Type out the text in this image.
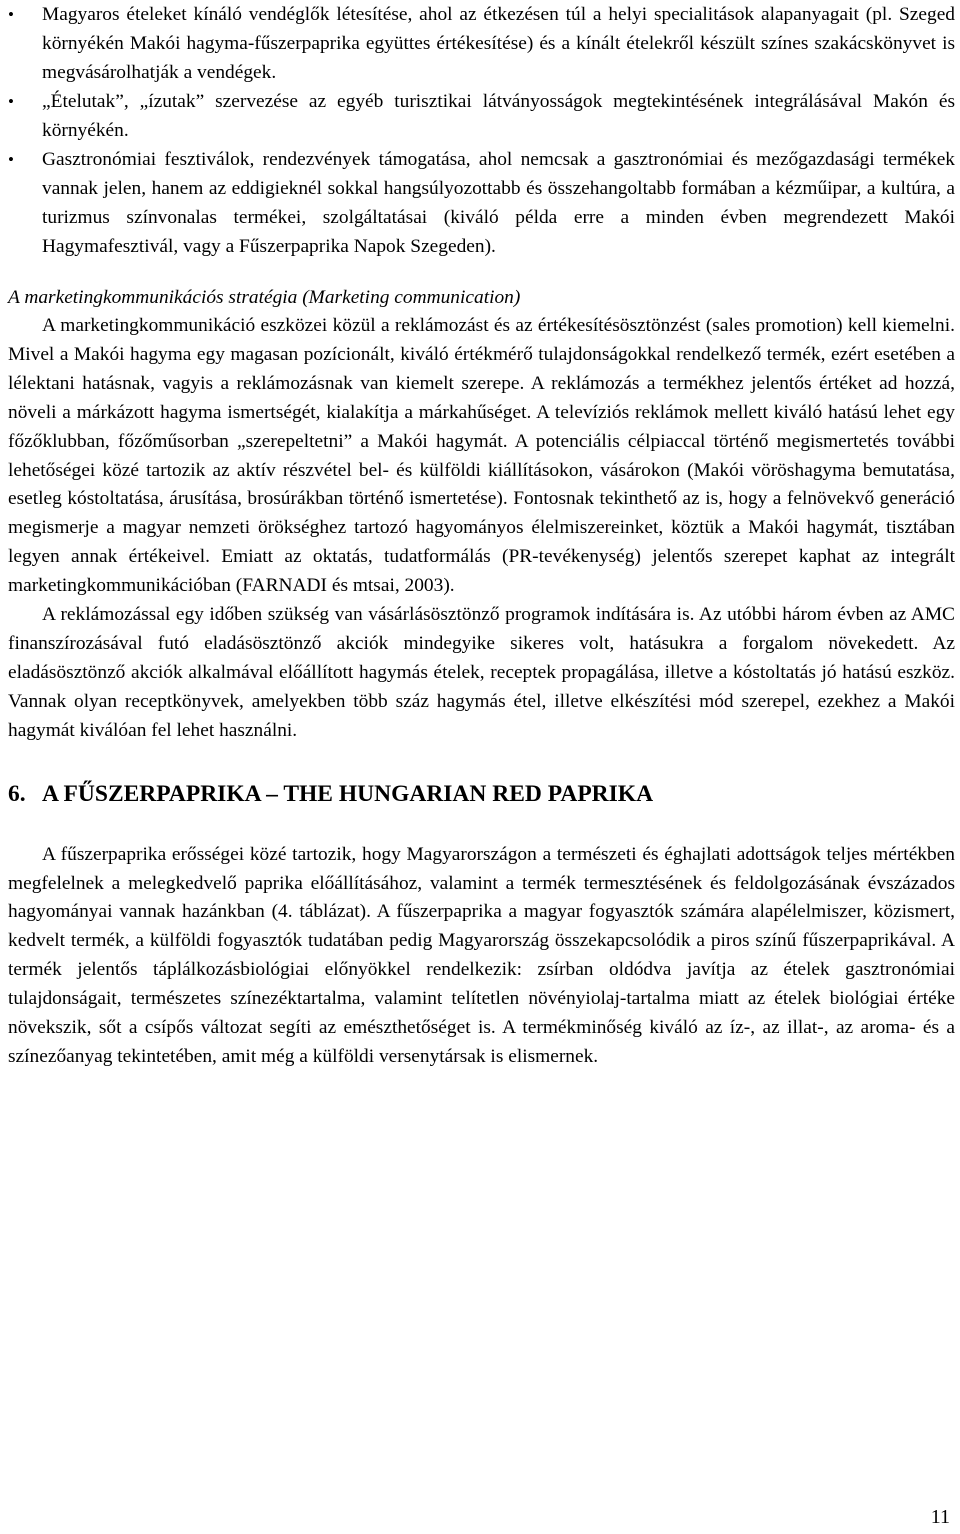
•	Magyaros ételeket kínáló vendéglők létesítése, ahol az étkezésen túl a helyi specialitások alapanyagait (pl. Szeged környékén Makói hagyma-fűszerpaprika együttes értékesítése) és a kínált ételekről készült színes szakácskönyvet is megvásárolhatják a vendégek.
•	„Ételutak”, „ízutak” szervezése az egyéb turisztikai látványosságok megtekintésének integrálásával Makón és környékén.
•	Gasztronómiai fesztiválok, rendezvények támogatása, ahol nemcsak a gasztronómiai és mezőgazdasági termékek vannak jelen, hanem az eddigieknél sokkal hangsúlyozottabb és összehangoltabb formában a kézműipar, a kultúra, a turizmus színvonalas termékei, szolgáltatásai (kiváló példa erre a minden évben megrendezett Makói Hagymafesztivál, vagy a Fűszerpaprika Napok Szegeden).
A marketingkommunikációs stratégia (Marketing communication)

A marketingkommunikáció eszközei közül a reklámozást és az értékesítésösztönzést (sales promotion) kell kiemelni. Mivel a Makói hagyma egy magasan pozícionált, kiváló értékmérő tulajdonságokkal rendelkező termék, ezért esetében a lélektani hatásnak, vagyis a reklámozásnak van kiemelt szerepe. A reklámozás a termékhez jelentős értéket ad hozzá, növeli a márkázott hagyma ismertségét, kialakítja a márkahűséget. A televíziós reklámok mellett kiváló hatású lehet egy főzőklubban, főzőműsorban „szerepeltetni” a Makói hagymát. A potenciális célpiaccal történő megismertetés további lehetőségei közé tartozik az aktív részvétel bel- és külföldi kiállításokon, vásárokon (Makói vöröshagyma bemutatása, esetleg kóstoltatása, árusítása, brosúrákban történő ismertetése). Fontosnak tekinthető az is, hogy a felnövekvő generáció megismerje a magyar nemzeti örökséghez tartozó hagyományos élelmiszereinket, köztük a Makói hagymát, tisztában legyen annak értékeivel. Emiatt az oktatás, tudatformálás (PR-tevékenység) jelentős szerepet kaphat az integrált marketingkommunikációban (FARNADI és mtsai, 2003).

A reklámozással egy időben szükség van vásárlásösztönző programok indítására is. Az utóbbi három évben az AMC finanszírozásával futó eladásösztönző akciók mindegyike sikeres volt, hatásukra a forgalom növekedett. Az eladásösztönző akciók alkalmával előállított hagymás ételek, receptek propagálása, illetve a kóstoltatás jó hatású eszköz. Vannak olyan receptkönyvek, amelyekben több száz hagymás étel, illetve elkészítési mód szerepel, ezekhez a Makói hagymát kiválóan fel lehet használni.

6. A FŰSZERPAPRIKA – THE HUNGARIAN RED PAPRIKA

A fűszerpaprika erősségei közé tartozik, hogy Magyarországon a természeti és éghajlati adottságok teljes mértékben megfelelnek a melegkedvelő paprika előállításához, valamint a termék termesztésének és feldolgozásának évszázados hagyományai vannak hazánkban (4. táblázat). A fűszerpaprika a magyar fogyasztók számára alapélelmiszer, közismert, kedvelt termék, a külföldi fogyasztók tudatában pedig Magyarország összekapcsolódik a piros színű fűszerpaprikával. A termék jelentős táplálkozásbiológiai előnyökkel rendelkezik: zsírban oldódva javítja az ételek gasztronómiai tulajdonságait, természetes színezéktartalma, valamint telítetlen növényiolaj-tartalma miatt az ételek biológiai értéke növekszik, sőt a csípős változat segíti az emészthetőséget is. A termékminőség kiváló az íz-, az illat-, az aroma- és a színezőanyag tekintetében, amit még a külföldi versenytársak is elismernek.

11
